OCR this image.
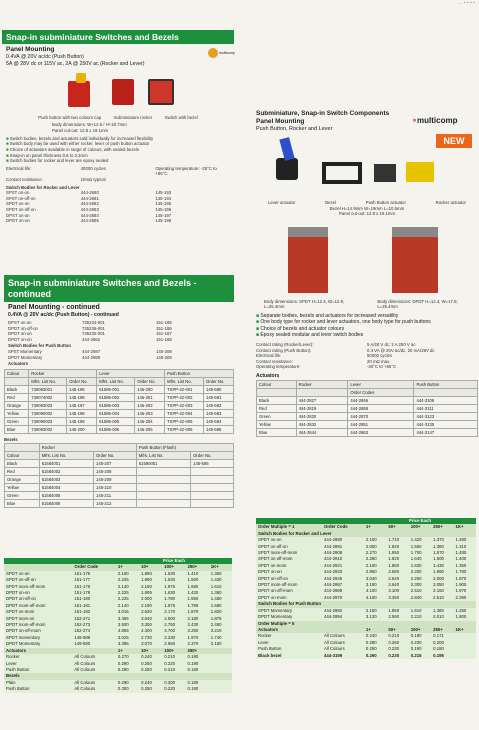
... ▪ ▪ ▪ ▪
Snap-in subminiature Switches and Bezels
Panel Mounting
0.4VA @ 20V ac/dc (Push Button)
5A @ 28V dc or 115V ac, 2A @ 250V ac (Rocker and Lever)
multicomp
Push button with two colours cap	Subminiature rocker	Switch with bezel
Body dimensions: W+12.5 / H+18.7mm
Panel cut-out: 12.8 x 19.1mm
■ Switch bodies, bezels and actuators sold individually for increased flexibility
■ Switch body may be used with either rocker, lever or push button actuator
■ Choice of actuators available in range of colours, with sealed bezels
■ Snap-in on panel thickness 0.8 to 3.2mm
■ Switch bodies for rocker and lever are epoxy sealed
Electrical life:	40000 cycles	Operating temperature: -25°C to +85°C
Contact resistance:	10mΩ typical
Switch Bodies for Rocker and Lever
SPST on-on	444-2680	145-193
SPST on-off-on	444-2681	145-194
SPDT on-on	444-2682	145-195
SPDT on-off-on	444-2683	145-196
DPST on-on	444-2684	145-197
DPDT on-on	444-2685	145-198
Snap-in subminiature Switches and Bezels - continued
Panel Mounting - continued
0.4VA @ 20V ac/dc (Push Button) - continued
DPST on-on	735234-001	151-185
DPDT on-off-on	735236-001	151-186
DPDT on-on	735235-001	151-187
DPDT on-on	444-2862	151-188
Switch Bodies for Push Button
SPST Momentary	444-2987	145-208
DPDT Momentary	444-2989	145-209
Actuators
Colour	Rocker		Lever		Push Button	
	Mfrs. List No.	Order No.	Mfrs. List No.	Order No.	Mfrs. List No.	Order No.
Black	735083001	145-195	61585-001	145-200	TSPP-22-001	145-580
Red	735074002	145-196	61585-002	145-201	TSPP-22-002	145-581
Orange	735083003	145-197	61585-003	145-202	TSPP-22-003	145-582
Yellow	735090002	145-198	61585-004	145-203	TSPP-22-004	145-583
Green	735090003	145-199	61585-005	145-204	TSPP-22-005	145-584
Blue	735083002	145-200	61585-006	145-205	TSPP-22-006	145-585
Bezels
	Rocker		Push Button (Flush)	
Colour	Mfrs. List No.	Order No.	Mfrs. List No.	Order No.
Black	61584001	145-207	61590001	145-586
Red	61584002	145-208		
Orange	61584003	145-209		
Yellow	61584004	145-210		
Green	61584005	145-211		
Blue	61584006	145-212		
		Price Each				
	Order Code	1+	10+	100+	250+	1K+
SPDT on-on	151-175	2.160	1.890	1.630	1.410	1.350
SPDT on-off-on	151-177	2.225	1.890	1.630	1.500	1.430
SPDT mom-off-mom	151-176	2.140	2.160	1.875	1.680	1.610
DPDT on-on	151-179	2.225	1.895	1.630	1.420	1.360
DPDT on-off-on	151-180	2.225	2.000	1.780	1.550	1.480
DPDT mom-off-mom	151-181	2.140	2.190	1.975	1.790	1.680
SPDT on-mom	151-182	3.015	2.630	2.170	1.870	1.820
SPDT mom-on	152-271	3.455	3.040	2.500	2.180	1.875
DPDT mom-off-mom	152-273	3.500	3.300	2.750	2.430	2.450
DPDT on-off-mom	152-274	4.855	4.400	3.700	3.250	3.215
SPDT momentary	149-589	3.025	2.730	2.230	1.970	1.740
DPDT Momentary	149-590	3.385	3.070	2.650	2.370	2.150
Actuators		1+	10+	100+	250+	
Rocker	All Colours	0.270	0.240	0.210	0.190	
Lever	All Colours	0.290	0.250	0.220	0.190	
Push Button	All Colours	0.290	0.250	0.210	0.180	
Bezels						
Plain	All Colours	0.290	0.240	0.200	0.180	
Push Button	All Colours	0.300	0.250	0.220	0.190	
∘multicomp
NEW
Subminiature, Snap-in Switch Components
Panel Mounting
Push Button, Rocker and Lever
Lever actuator	Bezel	Push Button actuator	Rocker actuator
Bezel H=14.9mm W=19mm L=10.5mm
Panel cut-out: 12.8 x 19.1mm
Body dimensions: SPDT H=12.4, W=12.9, L=25.4mm
Body dimensions: DPDT H=12.4, W=17.8, L=25.4mm
■ Separate bodies, bezels and actuators for increased versatility
■ One body type for rocker and lever actuators, one body type for push buttons
■ Choice of bezels and actuator colours
■ Epoxy sealed modular and lever switch bodies
Contact rating (Rocker/Lever):	5 A/28 V dc; 2 A 250 V ac
Contact rating (Push Button):	0.4 VA @ 20V ac/dc, 20 mA/28V dc
Electrical life:	50000 cycles
Contact resistance:	20 mΩ max.
Operating temperature:	-30°C to +85°C
Actuators
Colour	Rocker	Lever	Push Button
		Order Codes	
Black	444-2827	444-2846	444-3108
Red	444-2819	444-2858	444-3111
Green	444-2820	444-2870	444-3123
Yellow	444-2832	444-2851	444-3135
Blue	444-2844	444-2863	444-3147
		Price Each				
Order Multiple = 1	Order Code	1+	50+	100+	250+	1K+
Switch Bodies for Rocker and Lever						
SPDT on-on	444-2880	2.150	1.710	1.420	1.370	1.280
SPDT on-off-on	444-2891	2.050	1.820	1.560	1.380	1.310
SPDT mom-off-mom	444-2908	2.270	1.950	1.700	1.570	1.480
SPDT on-off-mom	444-2910	2.260	1.920	1.640	1.500	1.400
SPDT on-mom	444-2921	2.160	1.850	1.630	1.430	1.350
DPDT on-on	444-2933	2.950	2.580	2.200	1.890	1.780
DPDT on-off-on	444-2945	3.040	2.640	2.260	2.000	1.870
DPDT mom-off-mom	444-2957	3.190	2.640	2.300	2.050	1.900
DPDT on-off-mom	444-2969	4.100	3.100	2.510	2.150	1.970
DPDT on-mom	444-2970	4.150	3.350	2.840	2.510	2.390
Switch Bodies for Push Button						
SPDT Momentary	444-2982	2.150	1.850	1.510	1.380	1.250
DPDT Momentary	444-2994	3.130	2.590	2.210	2.010	1.800
Order Multiple = 5						
Actuators		1+	50+	100+	250+	1K+
Rocker	All Colours	0.240	0.210	0.180	0.171	
Lever	All Colours	0.280	0.260	0.230	0.200	
Push Button	All Colours	0.250	0.230	0.190	0.180	
Black bezel	444-3159	0.260	0.230	0.215	0.195	
